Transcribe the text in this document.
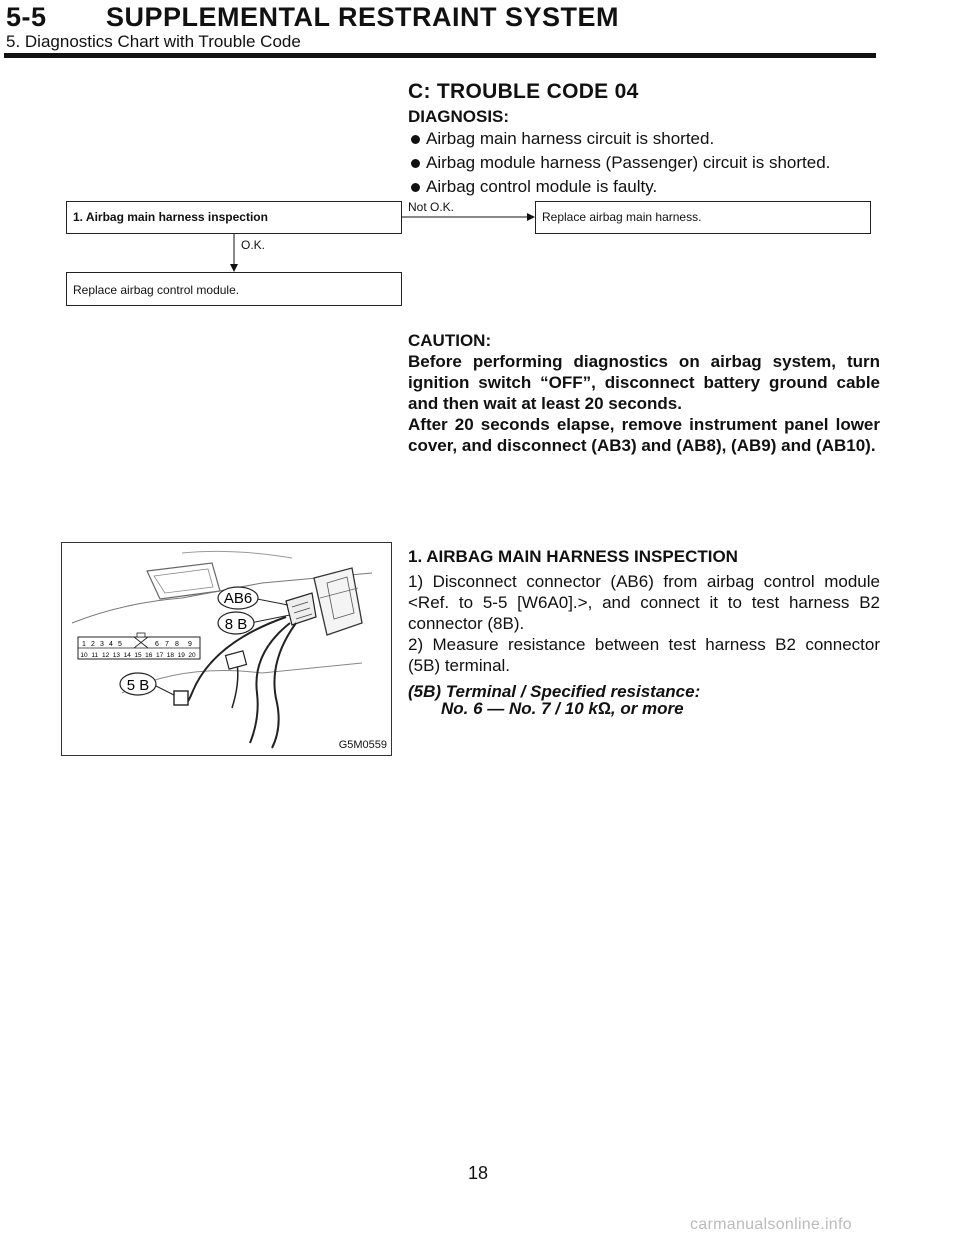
5-5 SUPPLEMENTAL RESTRAINT SYSTEM
5. Diagnostics Chart with Trouble Code
C: TROUBLE CODE 04
DIAGNOSIS:
Airbag main harness circuit is shorted.
Airbag module harness (Passenger) circuit is shorted.
Airbag control module is faulty.
1. Airbag main harness inspection	Replace airbag main harness.
Replace airbag control module.
Not O.K.
O.K.

CAUTION:

Before performing diagnostics on airbag system, turn ignition switch “OFF”, disconnect battery ground cable and then wait at least 20 seconds.

After 20 seconds elapse, remove instrument panel lower cover, and disconnect (AB3) and (AB8), (AB9) and (AB10).

AB6
8 B
5 B
1 2 3 4 5	6 7 8 9
10 11 12 13 14 15 16 17 18 19 20
G5M0559
1. AIRBAG MAIN HARNESS INSPECTION

1) Disconnect connector (AB6) from airbag control module <Ref. to 5-5 [W6A0].>, and connect it to test harness B2 connector (8B).

2) Measure resistance between test harness B2 connector (5B) terminal.

(5B) Terminal / Specified resistance:
No. 6 — No. 7 / 10 kΩ, or more
18
carmanualsonline.info
